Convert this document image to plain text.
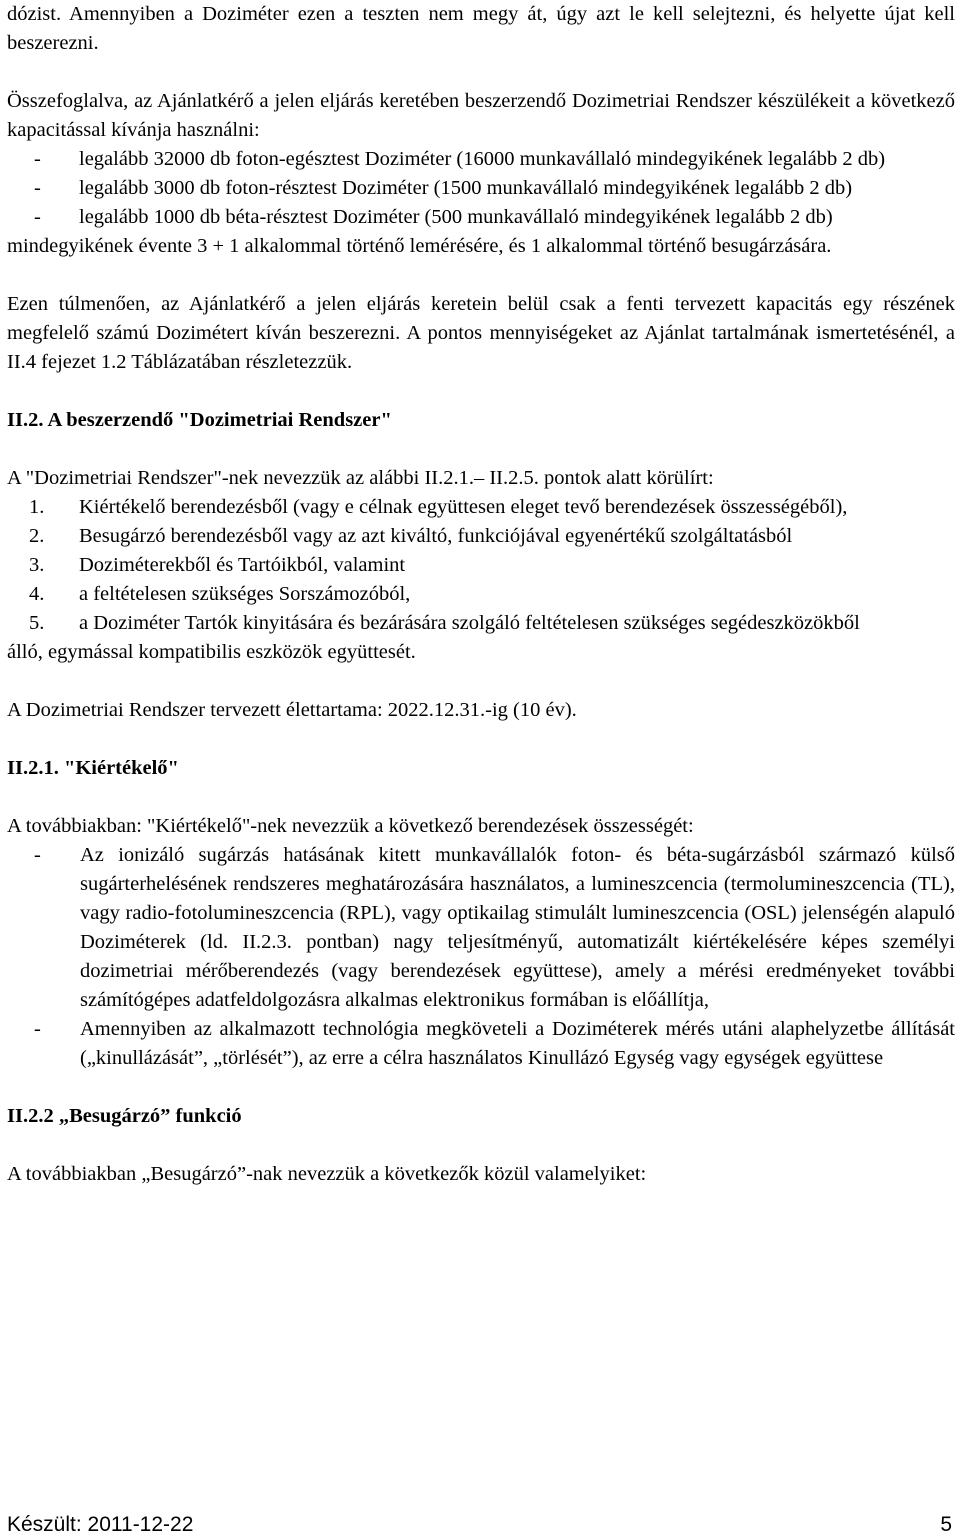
dózist. Amennyiben a Doziméter ezen a teszten nem megy át, úgy azt le kell selejtezni, és helyette újat kell beszerezni.

Összefoglalva, az Ajánlatkérő a jelen eljárás keretében beszerzendő Dozimetriai Rendszer készülékeit a következő kapacitással kívánja használni:

-	legalább 32000 db foton-egésztest Doziméter (16000 munkavállaló mindegyikének legalább 2 db)
-	legalább 3000 db foton-résztest Doziméter (1500 munkavállaló mindegyikének legalább 2 db)
-	legalább 1000 db béta-résztest Doziméter (500 munkavállaló mindegyikének legalább 2 db)

mindegyikének évente 3 + 1 alkalommal történő lemérésére, és 1 alkalommal történő besugárzására.

Ezen túlmenően, az Ajánlatkérő a jelen eljárás keretein belül csak a fenti tervezett kapacitás egy részének megfelelő számú Dozimétert kíván beszerezni. A pontos mennyiségeket az Ajánlat tartalmának ismertetésénél, a II.4 fejezet 1.2 Táblázatában részletezzük.

II.2. A beszerzendő "Dozimetriai Rendszer"

A "Dozimetriai Rendszer"-nek nevezzük az alábbi II.2.1.– II.2.5. pontok alatt körülírt:

1.	Kiértékelő berendezésből (vagy e célnak együttesen eleget tevő berendezések összességéből),
2.	Besugárzó berendezésből vagy az azt kiváltó, funkciójával egyenértékű szolgáltatásból
3.	Doziméterekből és Tartóikból, valamint
4.	a feltételesen szükséges Sorszámozóból,
5.	a Doziméter Tartók kinyitására és bezárására szolgáló feltételesen szükséges segédeszközökből

álló, egymással kompatibilis eszközök együttesét.

A Dozimetriai Rendszer tervezett élettartama: 2022.12.31.-ig (10 év).

II.2.1. "Kiértékelő"

A továbbiakban: "Kiértékelő"-nek nevezzük a következő berendezések összességét:

-	Az ionizáló sugárzás hatásának kitett munkavállalók foton- és béta-sugárzásból származó külső sugárterhelésének rendszeres meghatározására használatos, a lumineszcencia (termolumineszcencia (TL), vagy radio-fotolumineszcencia (RPL), vagy optikailag stimulált lumineszcencia (OSL) jelenségén alapuló Doziméterek (ld. II.2.3. pontban) nagy teljesítményű, automatizált kiértékelésére képes személyi dozimetriai mérőberendezés (vagy berendezések együttese), amely a mérési eredményeket további számítógépes adatfeldolgozásra alkalmas elektronikus formában is előállítja,
-	Amennyiben az alkalmazott technológia megköveteli a Doziméterek mérés utáni alaphelyzetbe állítását („kinullázását”, „törlését”), az erre a célra használatos Kinullázó Egység vagy egységek együttese
II.2.2 „Besugárzó” funkció

A továbbiakban „Besugárzó”-nak nevezzük a következők közül valamelyiket:

Készült: 2011-12-22	5
